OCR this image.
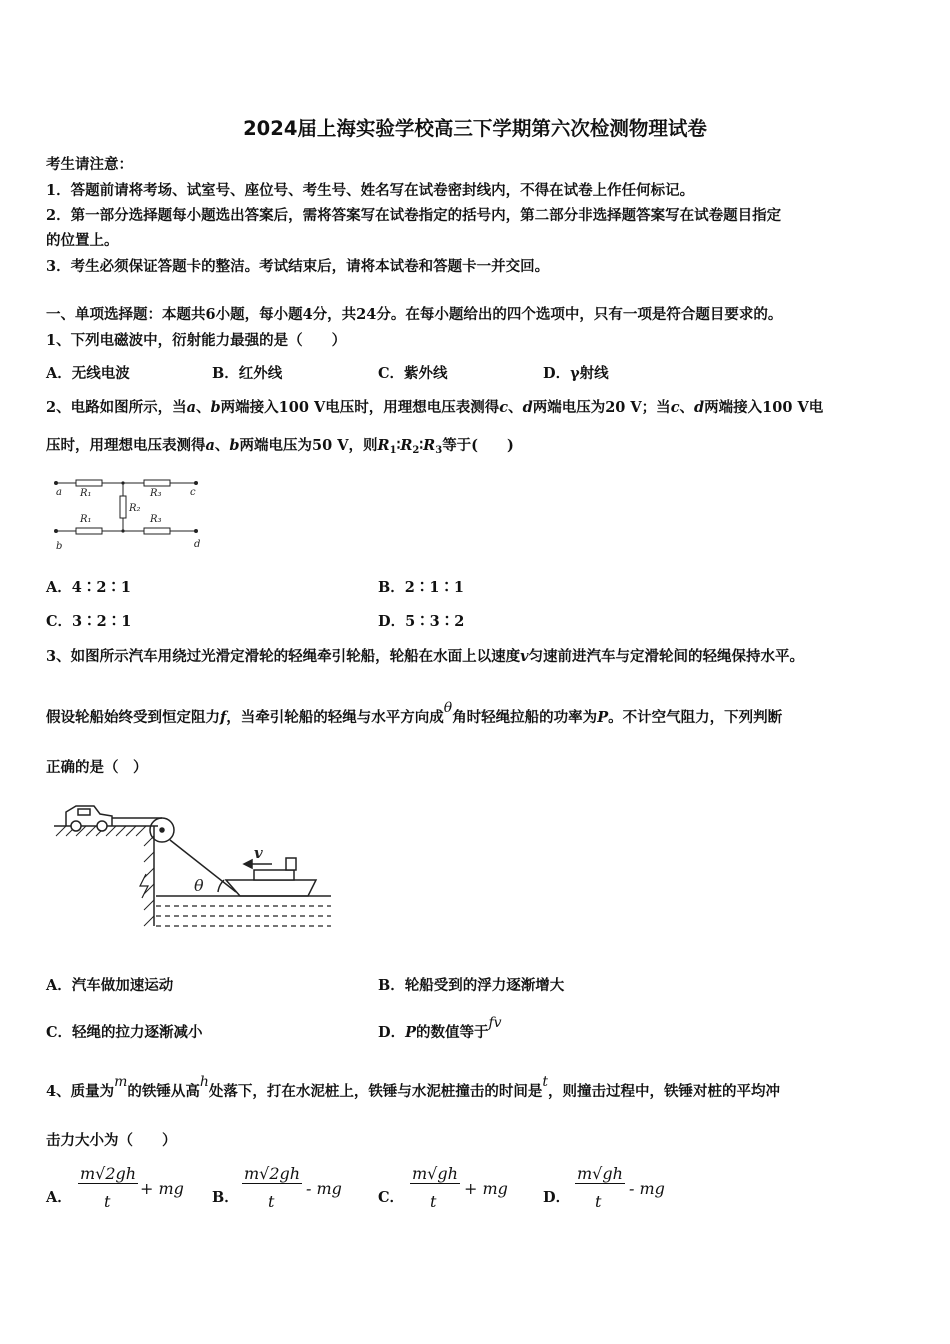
2024届上海实验学校高三下学期第六次检测物理试卷
考生请注意：
1．答题前请将考场、试室号、座位号、考生号、姓名写在试卷密封线内，不得在试卷上作任何标记。
2．第一部分选择题每小题选出答案后，需将答案写在试卷指定的括号内，第二部分非选择题答案写在试卷题目指定
的位置上。
3．考生必须保证答题卡的整洁。考试结束后，请将本试卷和答题卡一并交回。
一、单项选择题：本题共6小题，每小题4分，共24分。在每小题给出的四个选项中，只有一项是符合题目要求的。
1、下列电磁波中，衍射能力最强的是（　　）
A．无线电波	B．红外线	C．紫外线	D．γ射线
2、电路如图所示，当a、b两端接入100 V电压时，用理想电压表测得c、d两端电压为20 V；当c、d两端接入100 V电
压时，用理想电压表测得a、b两端电压为50 V，则$R_1∶R_2∶R_3$等于(　　)
a	c
b	d
R₁	R₃
R₁	R₃
R₂
A．4∶2∶1	B．2∶1∶1
C．3∶2∶1	D．5∶3∶2
3、如图所示汽车用绕过光滑定滑轮的轻绳牵引轮船，轮船在水面上以速度v匀速前进汽车与定滑轮间的轻绳保持水平。
假设轮船始终受到恒定阻力f，当牵引轮船的轻绳与水平方向成θ角时轻绳拉船的功率为P。不计空气阻力，下列判断
正确的是（　）
θ
v
A．汽车做加速运动	B．轮船受到的浮力逐渐增大
C．轻绳的拉力逐渐减小	D．P的数值等于fv
4、质量为m的铁锤从高h处落下，打在水泥桩上，铁锤与水泥桩撞击的时间是t，则撞击过程中，铁锤对桩的平均冲
击力大小为（　　）
A．
m√2gh
t
+ mg B．
m√2gh
t
- mg C．
m√gh
t
+ mg D．
m√gh
t
- mg
